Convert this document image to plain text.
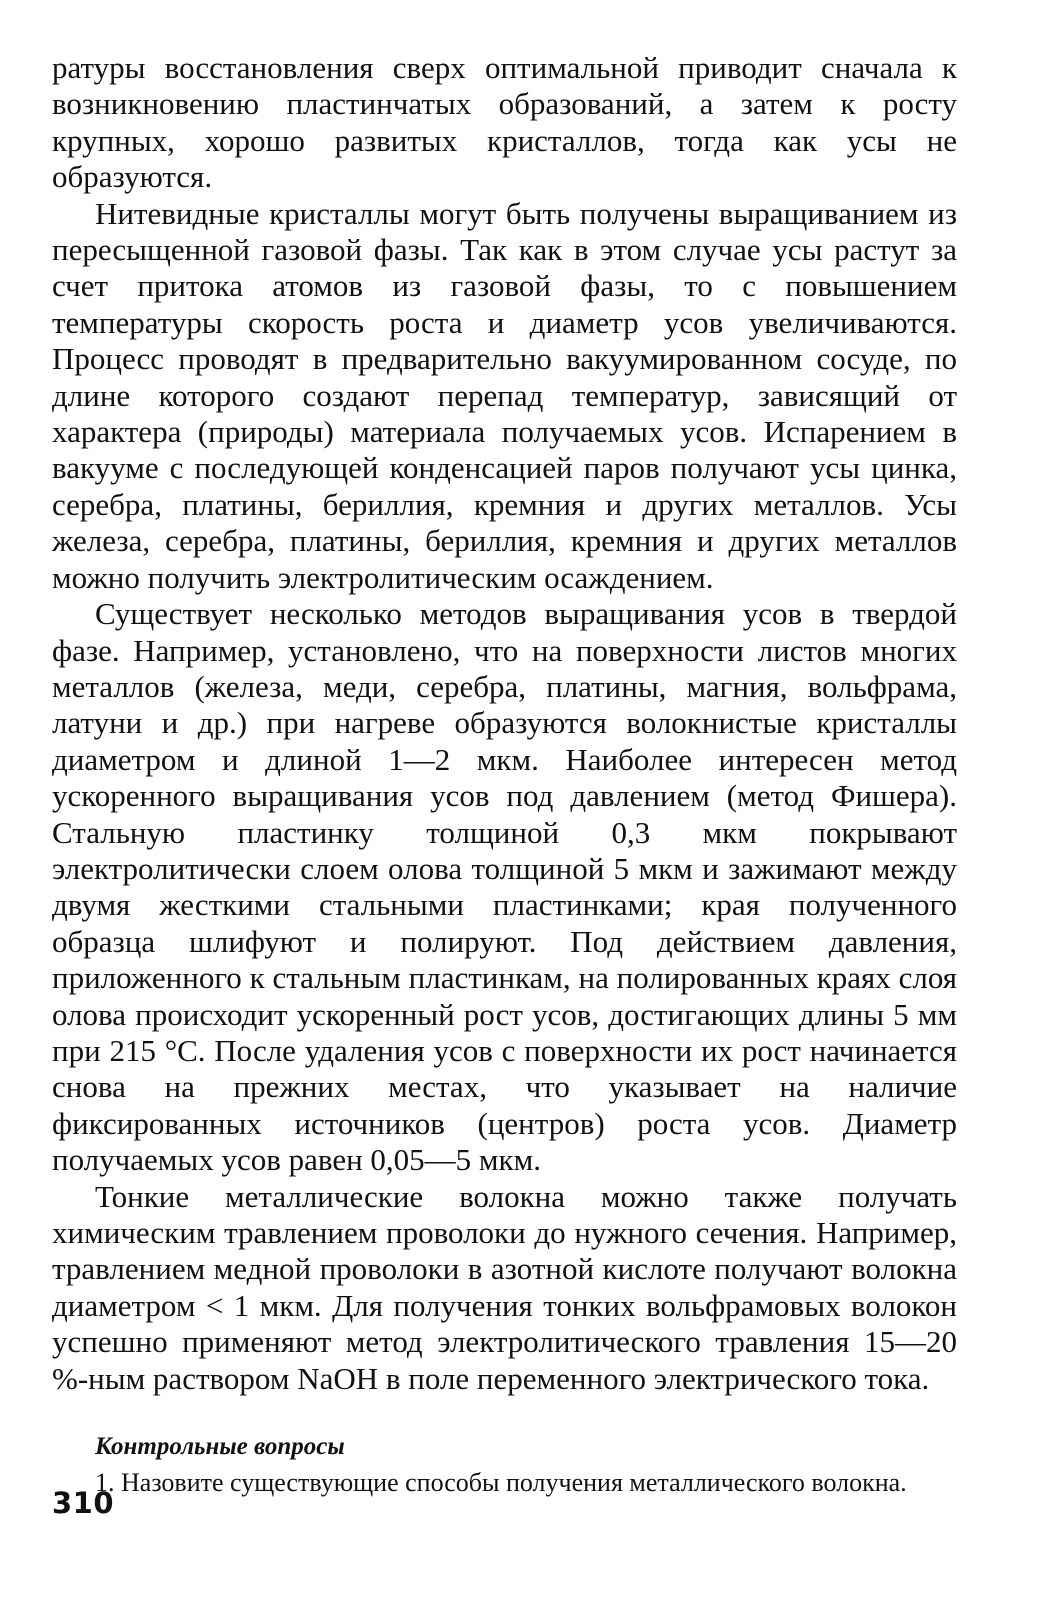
ратуры восстановления сверх оптимальной приводит сначала к возникновению пластинчатых образований, а затем к росту крупных, хорошо развитых кристаллов, тогда как усы не образуются.

Нитевидные кристаллы могут быть получены выращиванием из пересыщенной газовой фазы. Так как в этом случае усы растут за счет притока атомов из газовой фазы, то с повышением температуры скорость роста и диаметр усов увеличиваются. Процесс проводят в предварительно вакуумированном сосуде, по длине которого создают перепад температур, зависящий от характера (природы) материала получаемых усов. Испарением в вакууме с последующей конденсацией паров получают усы цинка, серебра, платины, бериллия, кремния и других металлов. Усы железа, серебра, платины, бериллия, кремния и других металлов можно получить электролитическим осаждением.

Существует несколько методов выращивания усов в твердой фазе. Например, установлено, что на поверхности листов многих металлов (железа, меди, серебра, платины, магния, вольфрама, латуни и др.) при нагреве образуются волокнистые кристаллы диаметром и длиной 1—2 мкм. Наиболее интересен метод ускоренного выращивания усов под давлением (метод Фишера). Стальную пластинку толщиной 0,3 мкм покрывают электролитически слоем олова толщиной 5 мкм и зажимают между двумя жесткими стальными пластинками; края полученного образца шлифуют и полируют. Под действием давления, приложенного к стальным пластинкам, на полированных краях слоя олова происходит ускоренный рост усов, достигающих длины 5 мм при 215 °С. После удаления усов с поверхности их рост начинается снова на прежних местах, что указывает на наличие фиксированных источников (центров) роста усов. Диаметр получаемых усов равен 0,05—5 мкм.

Тонкие металлические волокна можно также получать химическим травлением проволоки до нужного сечения. Например, травлением медной проволоки в азотной кислоте получают волокна диаметром < 1 мкм. Для получения тонких вольфрамовых волокон успешно применяют метод электролитического травления 15—20 %-ным раствором NaOH в поле переменного электрического тока.

Контрольные вопросы

1. Назовите существующие способы получения металлического волокна.

310
